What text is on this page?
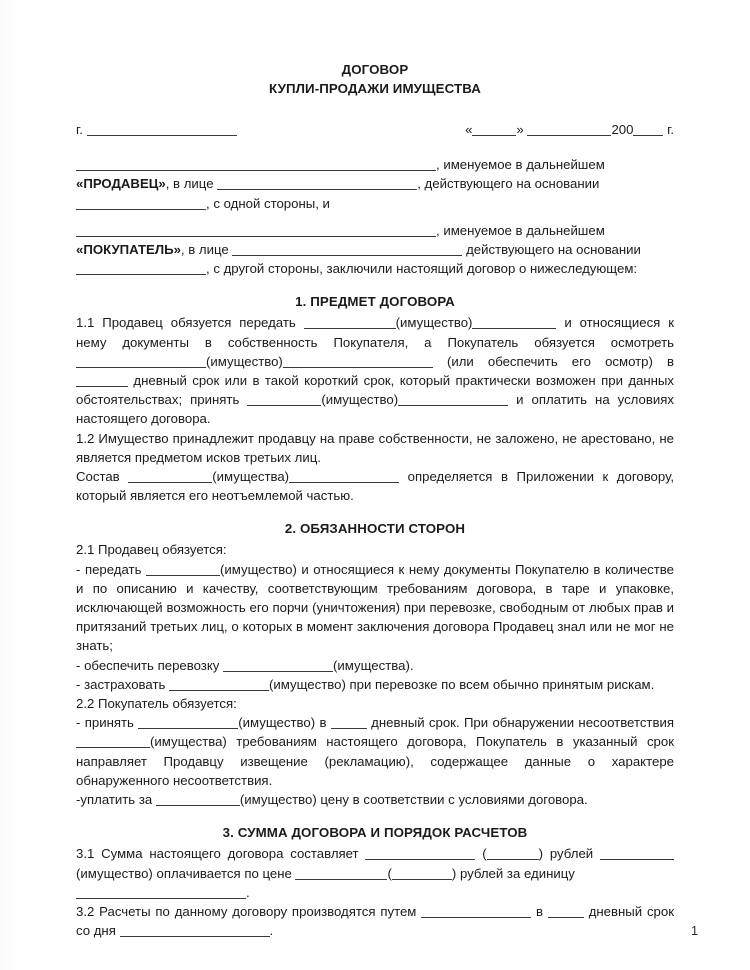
ДОГОВОР
КУПЛИ-ПРОДАЖИ ИМУЩЕСТВА
г.	«	»	200	г.

, именуемое в дальнейшем

«ПРОДАВЕЦ», в лице	, действующего на основании

, с одной стороны, и

, именуемое в дальнейшем

«ПОКУПАТЕЛЬ», в лице	действующего на основании

, с другой стороны, заключили настоящий договор о нижеследующем:

1. ПРЕДМЕТ ДОГОВОРА

1.1 Продавец обязуется передать	(имущество)	и относящиеся к нему документы в собственность Покупателя, а Покупатель обязуется осмотреть (имущество)	(или обеспечить его осмотр) в  дневный срок или в такой короткий срок, который практически возможен при данных обстоятельствах; принять	(имущество)	и оплатить на условиях настоящего договора.

1.2 Имущество принадлежит продавцу на праве собственности, не заложено, не арестовано, не является предметом исков третьих лиц.

Состав	(имущества)	определяется в Приложении к договору, который является его неотъемлемой частью.

2. ОБЯЗАННОСТИ СТОРОН

2.1 Продавец обязуется:

- передать	(имущество) и относящиеся к нему документы Покупателю в количестве и по описанию и качеству, соответствующим требованиям договора, в таре и упаковке, исключающей возможность его порчи (уничтожения) при перевозке, свободным от любых прав и притязаний третьих лиц, о которых в момент заключения договора Продавец знал или не мог не знать;

- обеспечить перевозку	(имущества).

- застраховать	(имущество) при перевозке по всем обычно принятым рискам.

2.2 Покупатель обязуется:

- принять	(имущество) в	дневный срок. При обнаружении несоответствия (имущества) требованиям настоящего договора, Покупатель в указанный срок направляет Продавцу извещение (рекламацию), содержащее данные о характере обнаруженного несоответствия.

-уплатить за	(имущество) цену в соответствии с условиями договора.

3. СУММА ДОГОВОРА И ПОРЯДОК РАСЧЕТОВ

3.1 Сумма настоящего договора составляет	(	) рублей (имущество) оплачивается по цене	(	) рублей за единицу

.

3.2 Расчеты по данному договору производятся путем	в	дневный срок со дня	.	1
